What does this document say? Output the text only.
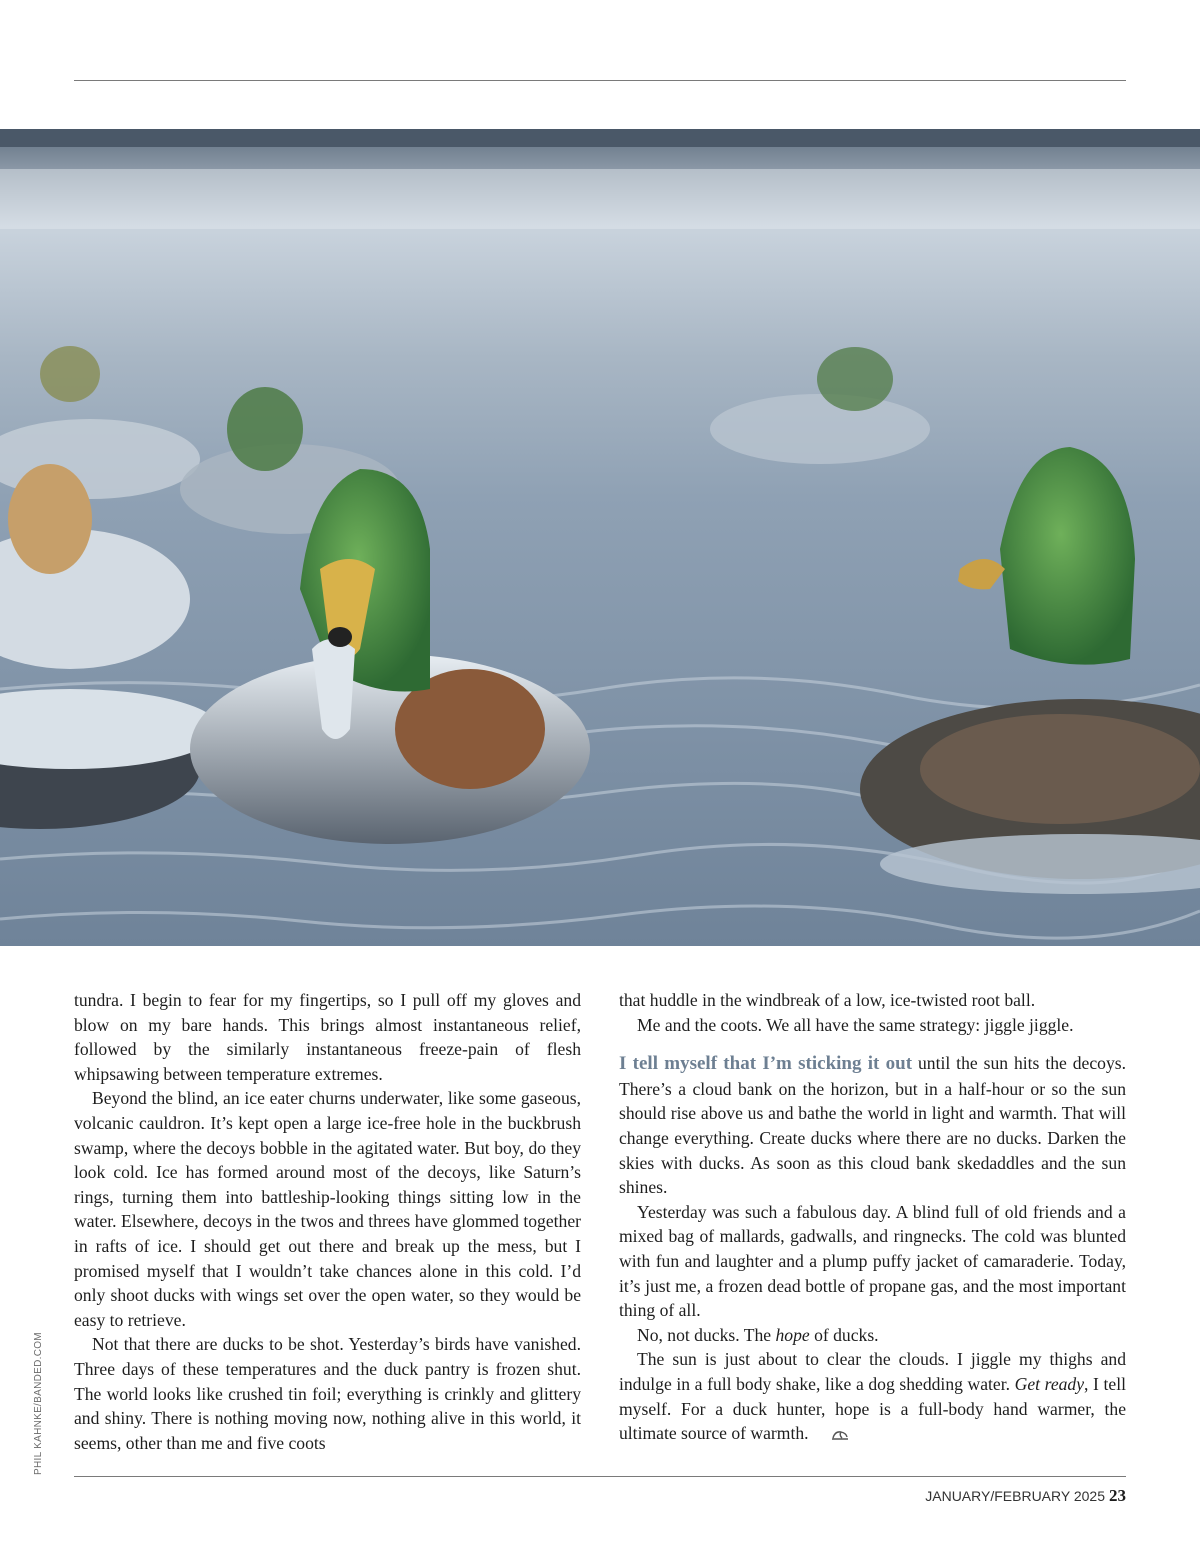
tundra. I begin to fear for my fingertips, so I pull off my gloves and blow on my bare hands. This brings almost instantaneous relief, followed by the similarly instantaneous freeze-pain of flesh whipsawing between temperature extremes.

Beyond the blind, an ice eater churns underwater, like some gaseous, volcanic cauldron. It’s kept open a large ice-free hole in the buckbrush swamp, where the decoys bobble in the agitated water. But boy, do they look cold. Ice has formed around most of the decoys, like Saturn’s rings, turning them into battleship-looking things sitting low in the water. Elsewhere, decoys in the twos and threes have glommed together in rafts of ice. I should get out there and break up the mess, but I promised myself that I wouldn’t take chances alone in this cold. I’d only shoot ducks with wings set over the open water, so they would be easy to retrieve.

Not that there are ducks to be shot. Yesterday’s birds have vanished. Three days of these temperatures and the duck pantry is frozen shut. The world looks like crushed tin foil; everything is crinkly and glittery and shiny. There is nothing moving now, nothing alive in this world, it seems, other than me and five coots

that huddle in the windbreak of a low, ice-twisted root ball.

Me and the coots. We all have the same strategy: jiggle jiggle.

I tell myself that I’m sticking it out until the sun hits the decoys. There’s a cloud bank on the horizon, but in a half-hour or so the sun should rise above us and bathe the world in light and warmth. That will change everything. Create ducks where there are no ducks. Darken the skies with ducks. As soon as this cloud bank skedaddles and the sun shines.

Yesterday was such a fabulous day. A blind full of old friends and a mixed bag of mallards, gadwalls, and ringnecks. The cold was blunted with fun and laughter and a plump puffy jacket of camaraderie. Today, it’s just me, a frozen dead bottle of propane gas, and the most important thing of all.

No, not ducks. The hope of ducks.

The sun is just about to clear the clouds. I jiggle my thighs and indulge in a full body shake, like a dog shedding water. Get ready, I tell myself. For a duck hunter, hope is a full-body hand warmer, the ultimate source of warmth.

PHIL KAHNKE/BANDED.COM
JANUARY/FEBRUARY 2025 23
